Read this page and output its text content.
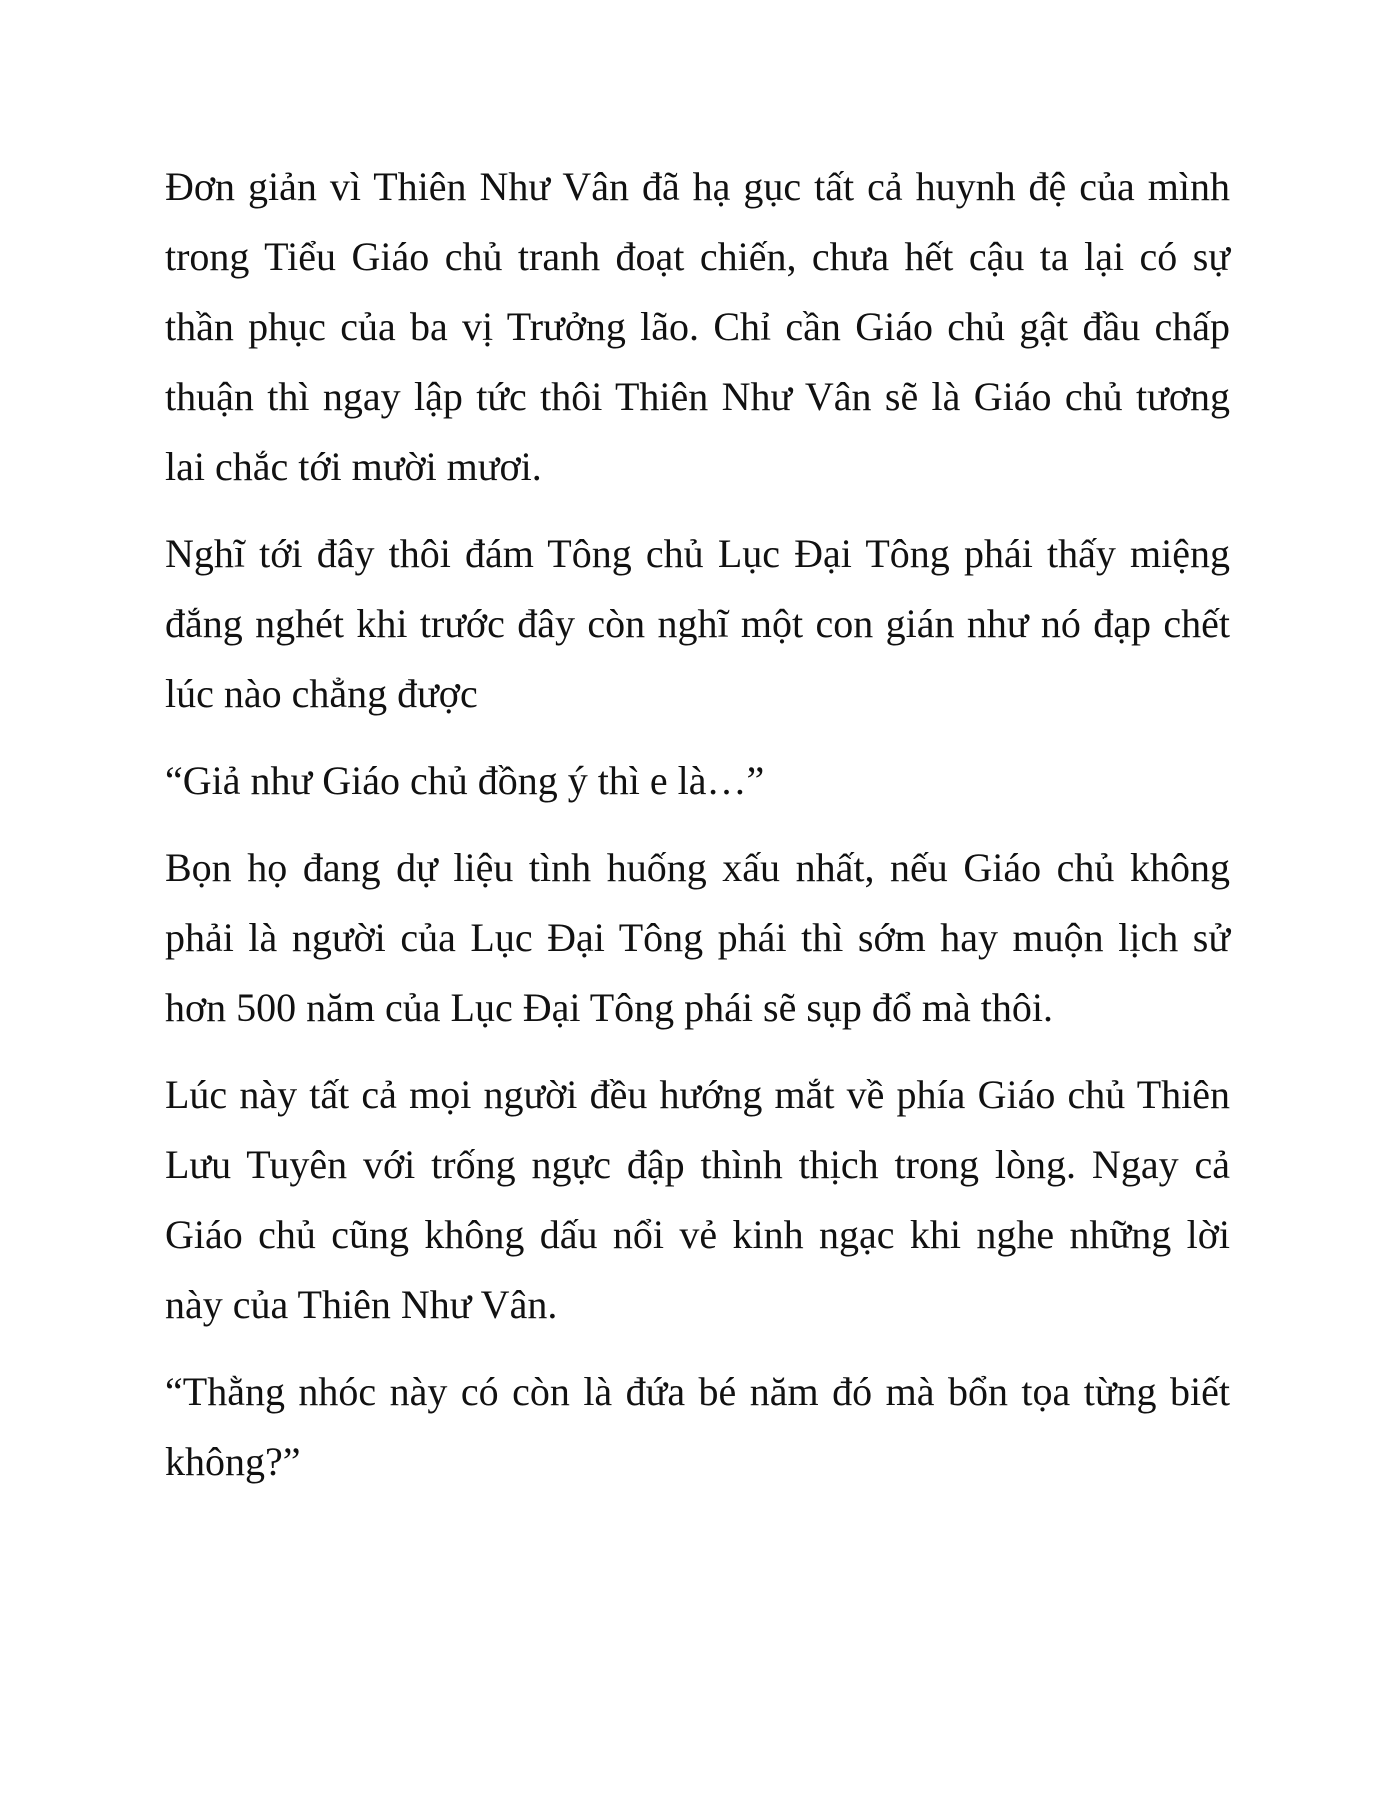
Đơn giản vì Thiên Như Vân đã hạ gục tất cả huynh đệ của mình trong Tiểu Giáo chủ tranh đoạt chiến, chưa hết cậu ta lại có sự thần phục của ba vị Trưởng lão. Chỉ cần Giáo chủ gật đầu chấp thuận thì ngay lập tức thôi Thiên Như Vân sẽ là Giáo chủ tương lai chắc tới mười mươi.

Nghĩ tới đây thôi đám Tông chủ Lục Đại Tông phái thấy miệng đắng nghét khi trước đây còn nghĩ một con gián như nó đạp chết lúc nào chẳng được

“Giả như Giáo chủ đồng ý thì e là…”

Bọn họ đang dự liệu tình huống xấu nhất, nếu Giáo chủ không phải là người của Lục Đại Tông phái thì sớm hay muộn lịch sử hơn 500 năm của Lục Đại Tông phái sẽ sụp đổ mà thôi.

Lúc này tất cả mọi người đều hướng mắt về phía Giáo chủ Thiên Lưu Tuyên với trống ngực đập thình thịch trong lòng. Ngay cả Giáo chủ cũng không dấu nổi vẻ kinh ngạc khi nghe những lời này của Thiên Như Vân.

“Thằng nhóc này có còn là đứa bé năm đó mà bổn tọa từng biết không?”
